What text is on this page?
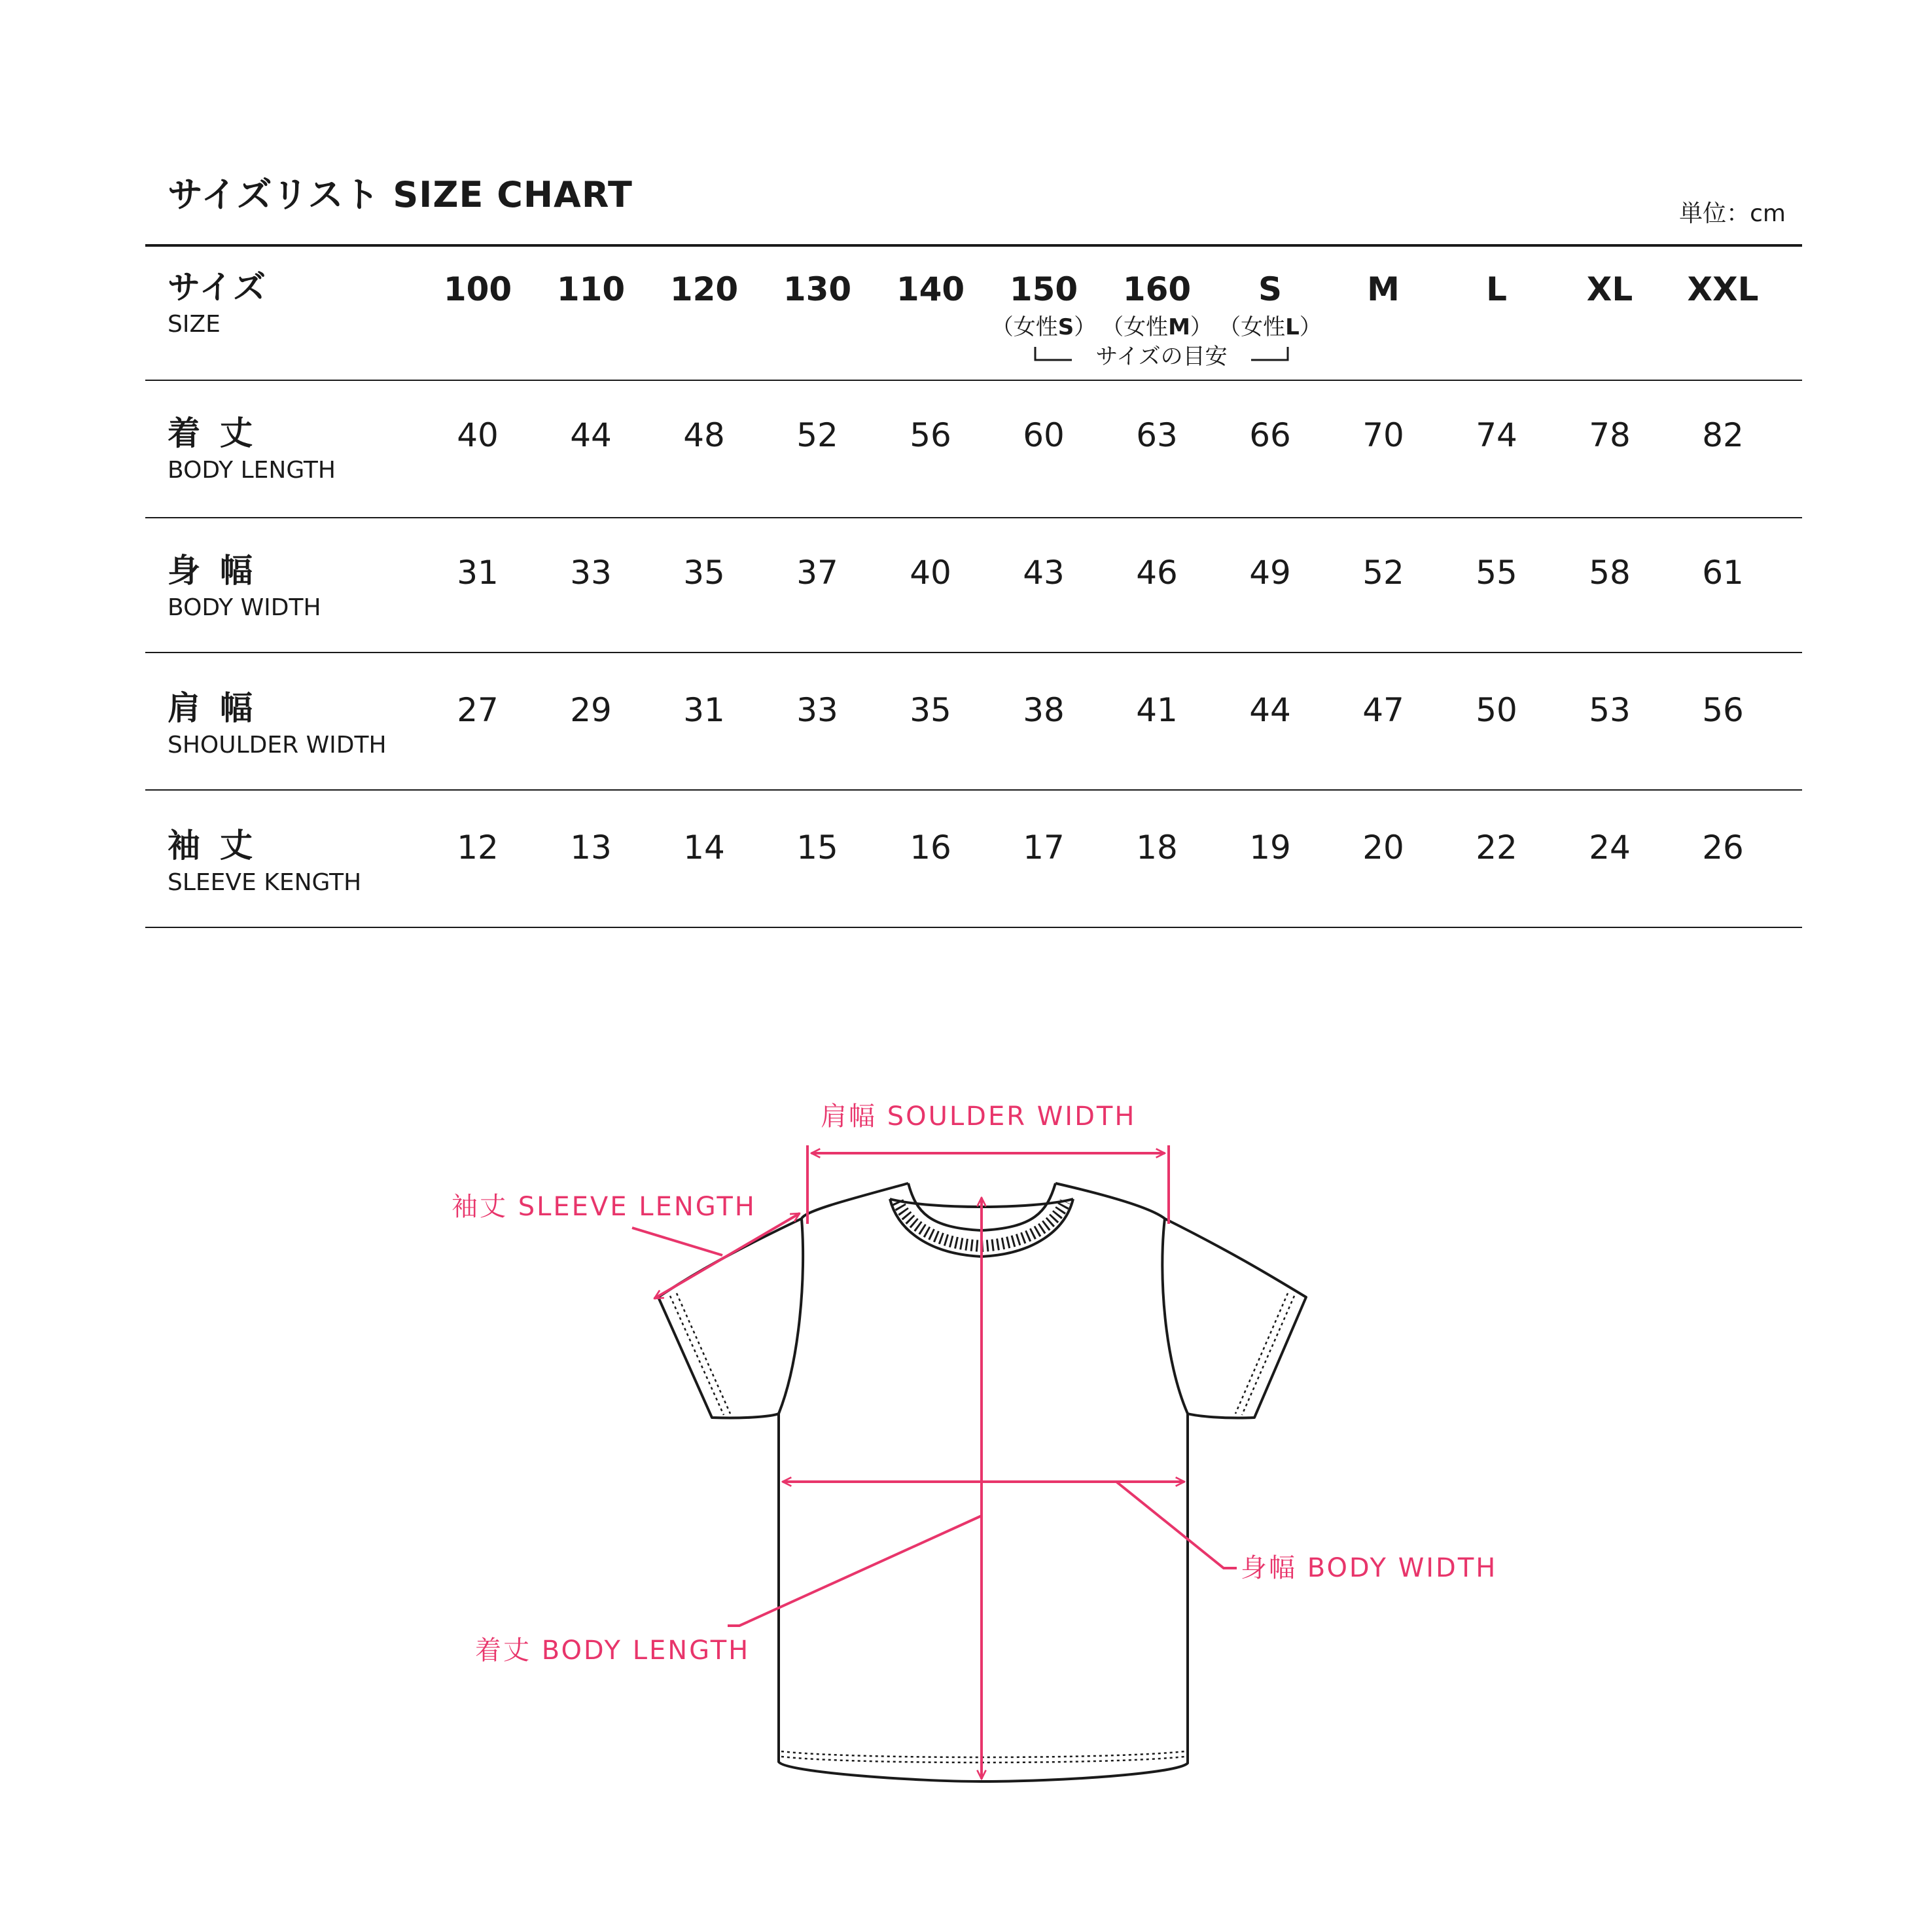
サイズリスト SIZE CHART	単位：cm
サイズ
SIZE
100	110	120	130	140	150	160	S	M	L	XL	XXL
（女性S） （女性M） （女性L）
サイズの目安
着丈
BODY LENGTH
40	44	48	52	56	60	63	66	70	74	78	82
身幅
BODY WIDTH
31	33	35	37	40	43	46	49	52	55	58	61
肩幅
SHOULDER WIDTH
27	29	31	33	35	38	41	44	47	50	53	56
袖丈
SLEEVE KENGTH
12	13	14	15	16	17	18	19	20	22	24	26
肩幅 SOULDER WIDTH
袖丈 SLEEVE LENGTH
身幅 BODY WIDTH
着丈 BODY LENGTH
